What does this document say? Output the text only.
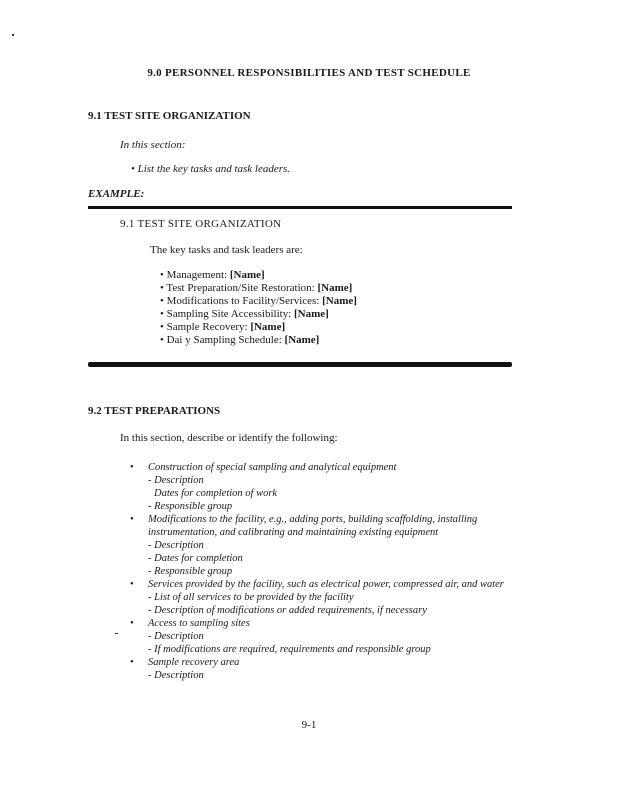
9.0 PERSONNEL RESPONSIBILITIES AND TEST SCHEDULE
9.1 TEST SITE ORGANIZATION
In this section:
• List the key tasks and task leaders.
EXAMPLE:
9.1 TEST SITE ORGANIZATION
The key tasks and task leaders are:
• Management: [Name]
• Test Preparation/Site Restoration: [Name]
• Modifications to Facility/Services: [Name]
• Sampling Site Accessibility: [Name]
• Sample Recovery: [Name]
• Dai y Sampling Schedule: [Name]
9.2 TEST PREPARATIONS
In this section, describe or identify the following:
• Construction of special sampling and analytical equipment
- Description
Dates for completion of work
- Responsible group
• Modifications to the facility, e.g., adding ports, building scaffolding, installing instrumentation, and calibrating and maintaining existing equipment
- Description
- Dates for completion
- Responsible group
• Services provided by the facility, such as electrical power, compressed air, and water
- List of all services to be provided by the facility
- Description of modifications or added requirements, if necessary
• Access to sampling sites
- Description
- If modifications are required, requirements and responsible group
• Sample recovery area
- Description
9-1
